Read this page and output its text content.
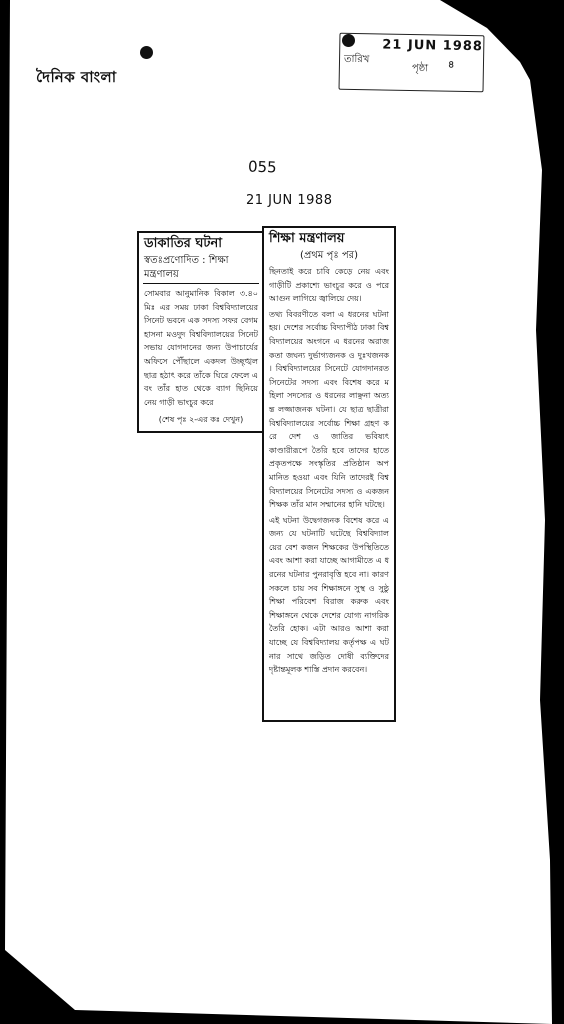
দৈনিক বাংলা
তারিখ
21 JUN 1988
পৃষ্ঠা ৪
055
21 JUN 1988
ডাকাতির ঘটনা
স্বতঃপ্রণোদিত : শিক্ষা মন্ত্রণালয়
সোমবার আনুমানিক বিকাল ৩.৪০ মিঃ এর সময় ঢাকা বিশ্ববিদ্যালয়ের সিনেট ভবনে এক সদস্য সফর বেগম হাসনা মওদুদ বিশ্ববিদ্যালয়ের সিনেট সভায় যোগদানের জন্য উপাচার্যের অফিসে পৌঁছালে একদল উচ্ছৃঙ্খল ছাত্র হঠাৎ করে তাঁকে ঘিরে ফেলে এবং তাঁর হাত থেকে ব্যাগ ছিনিয়ে নেয় গাড়ী ভাংচুর করে
(শেষ পৃঃ ২-এর কঃ দেখুন)
শিক্ষা মন্ত্রণালয়
(প্রথম পৃঃ পর)

ছিনতাই করে চাবি কেড়ে নেয় এবং গাড়ীটি প্রকাশ্যে ভাংচুর করে ও পরে আগুন লাগিয়ে জ্বালিয়ে দেয়।

তথ্য বিবরণীতে বলা এ ধরনের ঘটনা হয়। দেশের সর্বোচ্চ বিদ্যাপীঠ ঢাকা বিশ্ববিদ্যালয়ের অংগনে এ ধরনের অরাজকতা জঘন্য দুর্ভাগ্যজনক ও দুঃখজনক। বিশ্ববিদ্যালয়ের সিনেটে যোগদানরত সিনেটের সদস্য এবং বিশেষ করে মহিলা সদস্যের ও ধরনের লাঞ্ছনা অত্যন্ত লজ্জাজনক ঘটনা। যে ছাত্র ছাত্রীরা বিশ্ববিদ্যালয়ের সর্বোচ্চ শিক্ষা গ্রহণ করে দেশ ও জাতির ভবিষ্যৎ কাণ্ডারীরূপে তৈরি হবে তাদের হাতে প্রকৃতপক্ষে সংস্কৃতির প্রতিষ্ঠান অপমানিত হওয়া এবং যিনি তাদেরই বিশ্ববিদ্যালয়ের সিনেটের সদস্য ও একজন শিক্ষক তাঁর মান সম্মানের হানি ঘটছে।

এই ঘটনা উদ্বেগজনক বিশেষ করে এজন্য যে ঘটনাটি ঘটেছে বিশ্ববিদ্যালয়ের বেশ কজন শিক্ষকের উপস্থিতিতে এবং আশা করা যাচ্ছে আগামীতে এ ধরনের ঘটনার পুনরাবৃত্তি হবে না। কারণ সকলে চায় সব শিক্ষাঙ্গনে সুস্থ ও সুষ্ঠু শিক্ষা পরিবেশ বিরাজ করুক এবং শিক্ষাঙ্গনে থেকে দেশের যোগ্য নাগরিক তৈরি হোক। এটা আরও আশা করা যাচ্ছে যে বিশ্ববিদ্যালয় কর্তৃপক্ষ এ ঘটনার সাথে জড়িত দোষী ব্যক্তিদের দৃষ্টান্তমূলক শাস্তি প্রদান করবেন।
